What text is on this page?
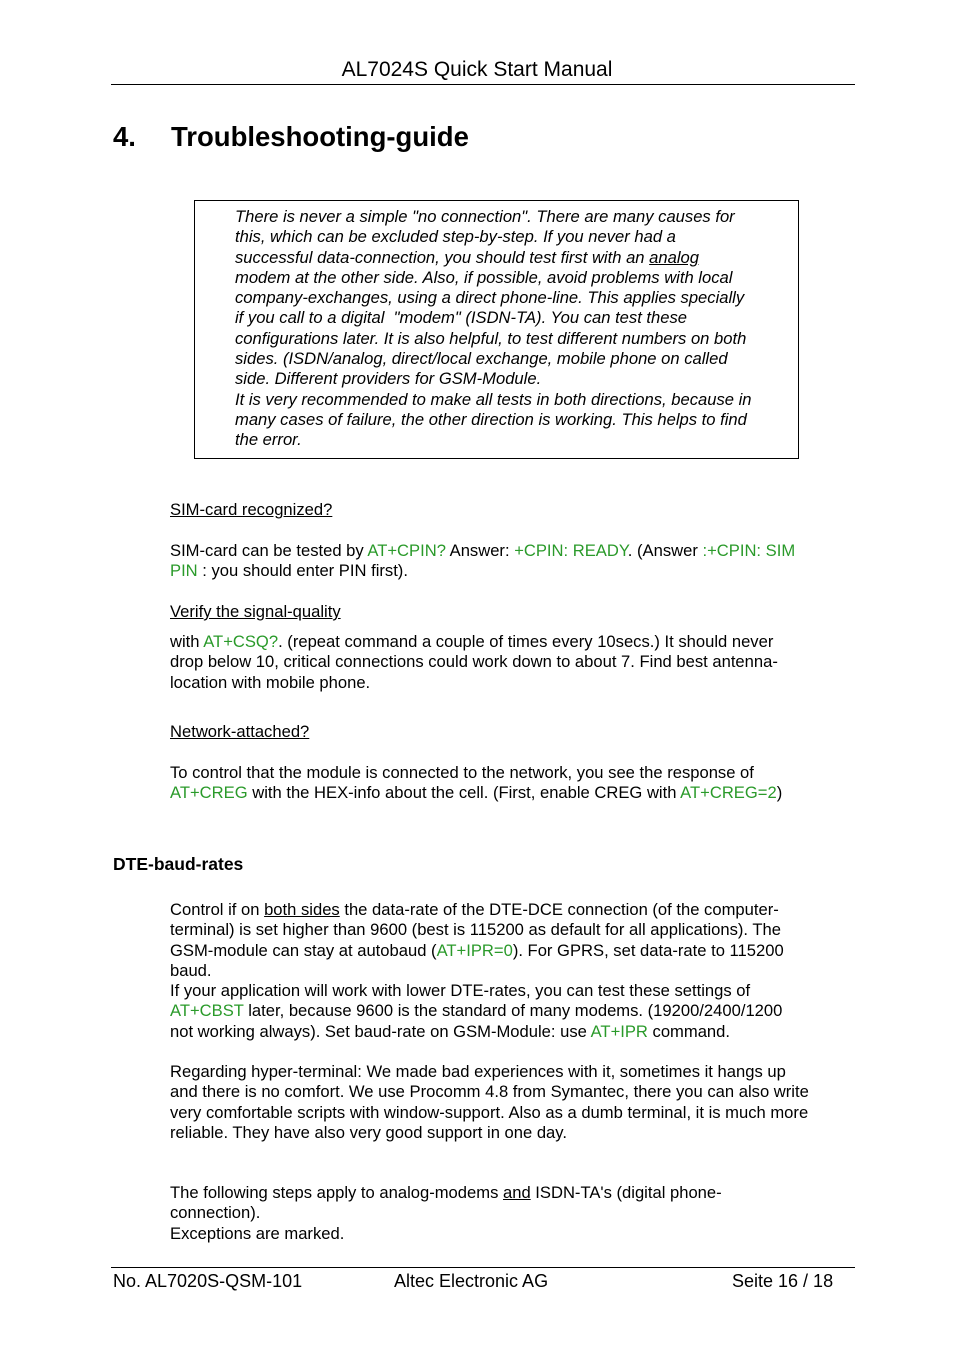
AL7024S Quick Start Manual
4. Troubleshooting-guide
There is never a simple "no connection". There are many causes for
this, which can be excluded step-by-step. If you never had a
successful data-connection, you should test first with an analog
modem at the other side. Also, if possible, avoid problems with local
company-exchanges, using a direct phone-line. This applies specially
if you call to a digital  "modem" (ISDN-TA). You can test these
configurations later. It is also helpful, to test different numbers on both
sides. (ISDN/analog, direct/local exchange, mobile phone on called
side. Different providers for GSM-Module.
It is very recommended to make all tests in both directions, because in
many cases of failure, the other direction is working. This helps to find
the error.
SIM-card recognized?
SIM-card can be tested by AT+CPIN? Answer: +CPIN: READY. (Answer :+CPIN: SIM
PIN : you should enter PIN first).
Verify the signal-quality
with AT+CSQ?. (repeat command a couple of times every 10secs.) It should never
drop below 10, critical connections could work down to about 7. Find best antenna-
location with mobile phone.
Network-attached?
To control that the module is connected to the network, you see the response of
AT+CREG with the HEX-info about the cell. (First, enable CREG with AT+CREG=2)
DTE-baud-rates
Control if on both sides the data-rate of the DTE-DCE connection (of the computer-
terminal) is set higher than 9600 (best is 115200 as default for all applications). The
GSM-module can stay at autobaud (AT+IPR=0). For GPRS, set data-rate to 115200
baud.
If your application will work with lower DTE-rates, you can test these settings of
AT+CBST later, because 9600 is the standard of many modems. (19200/2400/1200
not working always). Set baud-rate on GSM-Module: use AT+IPR command.
Regarding hyper-terminal: We made bad experiences with it, sometimes it hangs up
and there is no comfort. We use Procomm 4.8 from Symantec, there you can also write
very comfortable scripts with window-support. Also as a dumb terminal, it is much more
reliable. They have also very good support in one day.
The following steps apply to analog-modems and ISDN-TA's (digital phone-
connection).
Exceptions are marked.
No. AL7020S-QSM-101	Altec Electronic AG	Seite 16 / 18
